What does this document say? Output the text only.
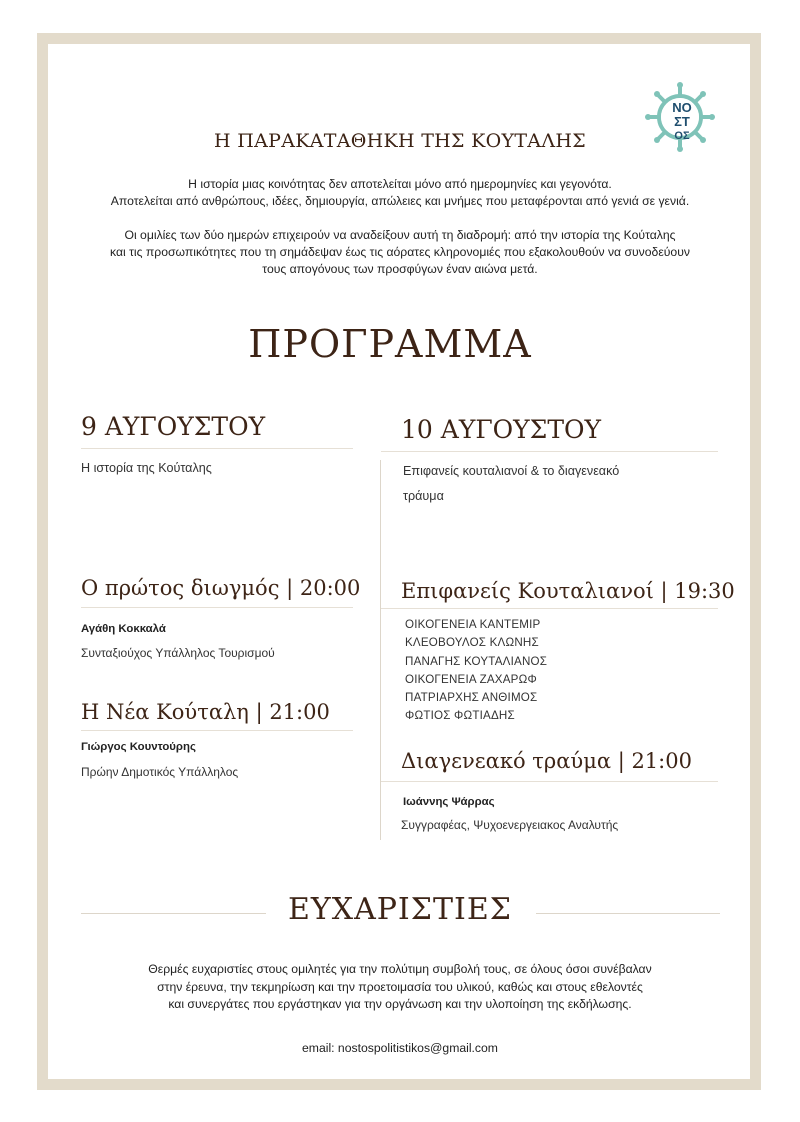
ΝΟ
ΣΤ
ΟΣ
Η ΠΑΡΑΚΑΤΑΘΗΚΗ ΤΗΣ ΚΟΥΤΑΛΗΣ

Η ιστορία μιας κοινότητας δεν αποτελείται μόνο από ημερομηνίες και γεγονότα.
Αποτελείται από ανθρώπους, ιδέες, δημιουργία, απώλειες και μνήμες που μεταφέρονται από γενιά σε γενιά.

Οι ομιλίες των δύο ημερών επιχειρούν να αναδείξουν αυτή τη διαδρομή: από την ιστορία της Κούταλης
και τις προσωπικότητες που τη σημάδεψαν έως τις αόρατες κληρονομιές που εξακολουθούν να συνοδεύουν
τους απογόνους των προσφύγων έναν αιώνα μετά.

ΠΡΟΓΡΑΜΜΑ
9 ΑΥΓΟΥΣΤΟΥ
Η ιστορία της Κούταλης
Ο πρώτος διωγμός | 20:00
Αγάθη Κοκκαλά
Συνταξιούχος Υπάλληλος Τουρισμού
Η Νέα Κούταλη | 21:00
Γιώργος Κουντούρης
Πρώην Δημοτικός Υπάλληλος
10 ΑΥΓΟΥΣΤΟΥ
Επιφανείς κουταλιανοί & το διαγενεακό
τράυμα
Επιφανείς Κουταλιανοί | 19:30
ΟΙΚΟΓΕΝΕΙΑ ΚΑΝΤΕΜΙΡ
ΚΛΕΟΒΟΥΛΟΣ ΚΛΩΝΗΣ
ΠΑΝΑΓΗΣ ΚΟΥΤΑΛΙΑΝΟΣ
ΟΙΚΟΓΕΝΕΙΑ ΖΑΧΑΡΩΦ
ΠΑΤΡΙΑΡΧΗΣ ΑΝΘΙΜΟΣ
ΦΩΤΙΟΣ ΦΩΤΙΑΔΗΣ
Διαγενεακό τραύμα | 21:00
Ιωάννης Ψάρρας
Συγγραφέας, Ψυχοενεργειακος Αναλυτής
ΕΥΧΑΡΙΣΤΙΕΣ
Θερμές ευχαριστίες στους ομιλητές για την πολύτιμη συμβολή τους, σε όλους όσοι συνέβαλαν
στην έρευνα, την τεκμηρίωση και την προετοιμασία του υλικού, καθώς και στους εθελοντές
και συνεργάτες που εργάστηκαν για την οργάνωση και την υλοποίηση της εκδήλωσης.
email: nostospolitistikos@gmail.com
